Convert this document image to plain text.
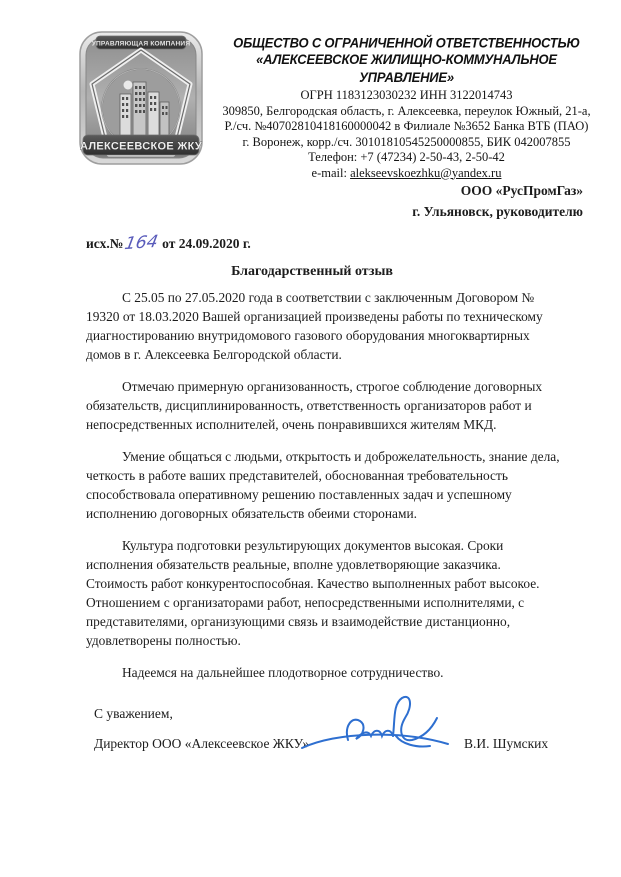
УПРАВЛЯЮЩАЯ КОМПАНИЯ
АЛЕКСЕЕВСКОЕ ЖКУ
ОБЩЕСТВО С ОГРАНИЧЕННОЙ ОТВЕТСТВЕННОСТЬЮ
«АЛЕКСЕЕВСКОЕ ЖИЛИЩНО-КОММУНАЛЬНОЕ УПРАВЛЕНИЕ»
ОГРН 1183123030232 ИНН 3122014743
309850, Белгородская область, г. Алексеевка, переулок Южный, 21-а,
Р./сч. №40702810418160000042 в Филиале №3652 Банка ВТБ (ПАО)
г. Воронеж, корр./сч. 30101810545250000855, БИК 042007855
Телефон: +7 (47234) 2-50-43, 2-50-42
e-mail: alekseevskoezhku@yandex.ru
ООО «РусПромГаз»
г. Ульяновск, руководителю
исх.№164 от 24.09.2020 г.
Благодарственный отзыв

С 25.05 по 27.05.2020 года в соответствии с заключенным Договором № 19320 от 18.03.2020 Вашей организацией произведены работы по техническому диагностированию внутридомового газового оборудования многоквартирных домов в г. Алексеевка Белгородской области.

Отмечаю примерную организованность, строгое соблюдение договорных обязательств, дисциплинированность, ответственность организаторов работ и непосредственных исполнителей, очень понравившихся жителям МКД.

Умение общаться с людьми, открытость и доброжелательность, знание дела, четкость в работе ваших представителей, обоснованная требовательность способствовала оперативному решению поставленных задач и успешному исполнению договорных обязательств обеими сторонами.

Культура подготовки результирующих документов высокая. Сроки исполнения обязательств реальные, вполне удовлетворяющие заказчика. Стоимость работ конкурентоспособная. Качество выполненных работ высокое. Отношением с организаторами работ, непосредственными исполнителями, с представителями, организующими связь и взаимодействие дистанционно, удовлетворены полностью.

Надеемся на дальнейшее плодотворное сотрудничество.

С уважением,
Директор ООО «Алексеевское ЖКУ»	В.И. Шумских
